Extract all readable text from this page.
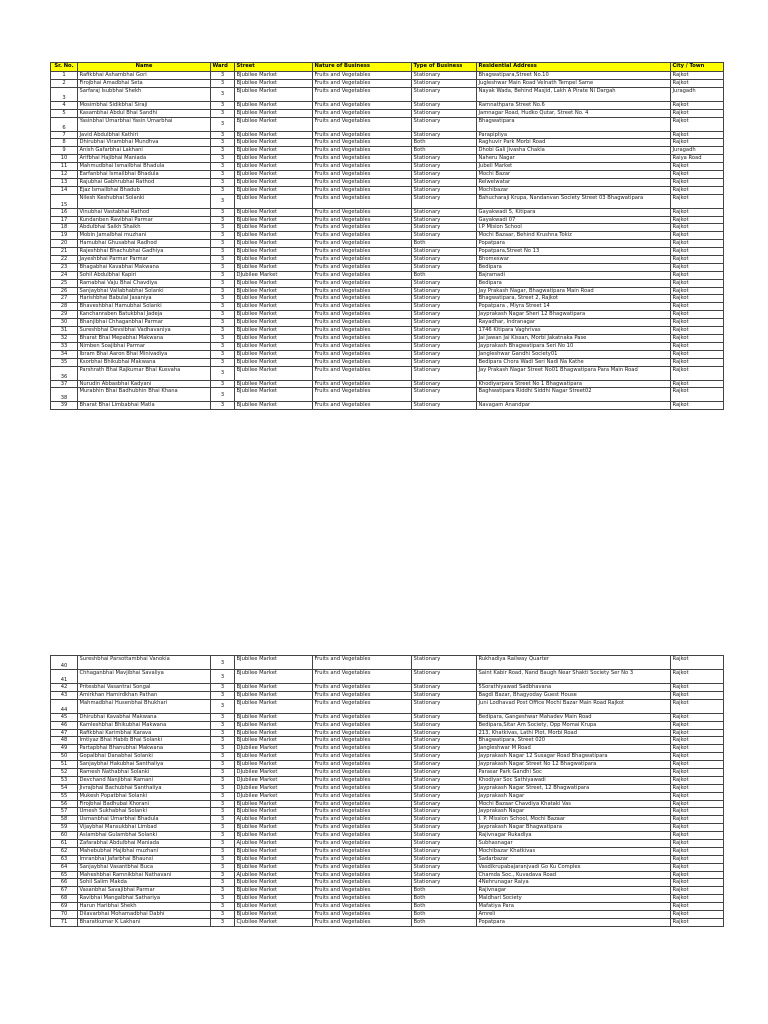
Sr. No.	Name	Ward	Street	Nature of Business	Type of Business	Residential Address	City / Town
1	Rafikbhai Ashambhai Gori	3	BJubilee Market	Fruits and Vegetables	Stationary	Bhagwatipara,Street No.10	Rajkot
2	Firojbhai Amadbhai Seta	3	BJubilee Market	Fruits and Vegetables	Stationary	Jugleshwar Main Road Velnath Tempel Same	Rajkot
3	Sarfaraj Isubbhai Shekh	3	BJubilee Market	Fruits and Vegetables	Stationary	Nayak Wada, Behind Masjid, Lakh A Pirate Ni Dargah	Juragadh
4	Mosimbhai Sidikbhai Siraji	3	BJubilee Market	Fruits and Vegetables	Stationary	Ramnathpara Street No.6	Rajkot
5	Kasambhai Abdul Bhai Sandhi	3	BJubilee Market	Fruits and Vegetables	Stationary	Jamnagar Road, Hudko Qutar, Street No. 4	Rajkot
6	Yasinbhai Umarbhai Yasin Umarbhai	3	BJubilee Market	Fruits and Vegetables	Stationary	Bhagwatipara	Rajkot
7	Javid Abdulbhai Kathiri	3	BJubilee Market	Fruits and Vegetables	Stationary	Parapipliya	Rajkot
8	Dhirubhai Virambhai Mundhva	3	BJubilee Market	Fruits and Vegetables	Both	Raghuvir Park Morbi Road	Rajkot
9	Anish Gafarbhai Lakhani	3	BJubilee Market	Fruits and Vegetables	Both	Dhobi Gali Jivasha Chakla	Juragadh
10	Arifbhai Hajibhai Maniada	3	BJubilee Market	Fruits and Vegetables	Stationary	Naheru Nagar	Raiya Road
11	Mahmudbhai Ismailbhai Bhadula	3	BJubilee Market	Fruits and Vegetables	Stationary	Jubeli Market	Rajkot
12	Earfanbhai Ismailbhai Bhadula	3	BJubilee Market	Fruits and Vegetables	Stationary	Mochi Bazar	Rajkot
13	Rajubhai Gabhrubhai Rathod	3	BJubilee Market	Fruits and Vegetables	Stationary	Relwelwatar	Rajkot
14	Ejaz Ismailbhai Bhadub	3	BJubilee Market	Fruits and Vegetables	Stationary	Mochibazar	Rajkot
15	Nilesh Keshubhai Solanki	3	BJubilee Market	Fruits and Vegetables	Stationary	Bahucharaji Krupa, Nandanvan Society Street 03 Bhagwatipara	Rajkot
16	Vinubhai Vastabhai Rathod	3	BJubilee Market	Fruits and Vegetables	Stationary	Gayakwadi 5, Kitipara	Rajkot
17	Kundanben Ravibhai Parmar	3	BJubilee Market	Fruits and Vegetables	Stationary	Gayakwadi 07	Rajkot
18	Abdulbhai Saikh Shaikh	3	BJubilee Market	Fruits and Vegetables	Stationary	I.P Mision School	Rajkot
19	Mobin Jamalbhai muzhani	3	BJubilee Market	Fruits and Vegetables	Stationary	Mochi Bazaar, Behind Krushna Tokiz	Rajkot
20	Hamubhai Ghusabhai Radhod	3	BJubilee Market	Fruits and Vegetables	Both	Popatpara	Rajkot
21	Rajeshbhai Bhachubhai Gadhiya	3	BJubilee Market	Fruits and Vegetables	Stationary	Popatpara,Street No 13	Rajkot
22	Jayeshbhai Parmar Parmar	3	BJubilee Market	Fruits and Vegetables	Stationary	Bhomeswar	Rajkot
23	Bhagabhai Kavabhai Makwana	3	BJubilee Market	Fruits and Vegetables	Stationary	Bedipara	Rajkot
24	Sohil Abdulbhai Kapiri	3	DJubilee Market	Fruits and Vegetables	Both	Bajramadi	Rajkot
25	Ramabhai Vaju Bhai Chavdiya	3	BJubilee Market	Fruits and Vegetables	Stationary	Bedipara	Rajkot
26	Sanjaybhai Vallabhabhai Solanki	3	BJubilee Market	Fruits and Vegetables	Stationary	Jay Prakash Nagar, Bhagwatipara Main Road	Rajkot
27	Harishbhai Babulal Jasaniya	3	BJubilee Market	Fruits and Vegetables	Stationary	Bhagwatipara, Street 2, Rajkot	Rajkot
28	Bhaveshbhai Hamubhai Solanki	3	BJubilee Market	Fruits and Vegetables	Stationary	Popatpara , Miyra Street 14	Rajkot
29	Kanchanraben Batukbhai Jadeja	3	BJubilee Market	Fruits and Vegetables	Stationary	Jayprakash Nagar Sheri 12 Bhagwatipara	Rajkot
30	Bhanjibhai Chhaganbhai Parmar	3	BJubilee Market	Fruits and Vegetables	Stationary	Rayadhar, Indranagar	Rajkot
31	Sureshbhai Devsibhai Vadhavaniya	3	BJubilee Market	Fruits and Vegetables	Stationary	1746 Kitipara Vaghrivas	Rajkot
32	Bharat Bhai Mepabhai Makwana	3	BJubilee Market	Fruits and Vegetables	Stationary	Jai Jawan Jai Kissan, Morbi Jakatnaka Pase	Rajkot
33	Nimben Soajibhai Parmar	3	BJubilee Market	Fruits and Vegetables	Stationary	Jayprakash Bhagwatipara Seri No 10	Rajkot
34	Ibram Bhai Aaron Bhai Minivadiya	3	BJubilee Market	Fruits and Vegetables	Stationary	Jangleshwar Gandhi Society01	Rajkot
35	Ksorbhai Bhikubhai Makwana	3	BJubilee Market	Fruits and Vegetables	Stationary	Bedipara Chora Wadi Seri Nadi Na Kathe	Rajkot
36	Parshrath Bhai Rajkumar Bhai Kusvaha	3	BJubilee Market	Fruits and Vegetables	Stationary	Jay Prakash Nagar Street No01 Bhagwatipara Para Main Road	Rajkot
37	Nurudin Abbasbhai Kadyani	3	BJubilee Market	Fruits and Vegetables	Stationary	Khodiyarpara Street No 1 Bhagwatipara	Rajkot
38	Murabhin Bhai Badhubhin Bhai Khana	3	BJubilee Market	Fruits and Vegetables	Stationary	Baghwatipara Riddhi Siddhi Nagar Street02	Rajkot
39	Bharat Bhai Limbabhai Matla	3	BJubilee Market	Fruits and Vegetables	Stationary	Navagam Anandpar	Rajkot
40	Sureshbhai Parsottambhai Vanokia	3	BJubilee Market	Fruits and Vegetables	Stationary	Rukhadiya Railway Quarter	Rajkot
41	Chhaganbhai Mavjibhai Savaliya	3	BJubilee Market	Fruits and Vegetables	Stationary	Saint Kabir Road, Nand Baugh Near Shakti Society Ser No 3	Rajkot
42	Pritesbhai Vasantrai Songal	3	BJubilee Market	Fruits and Vegetables	Stationary	5Sorathiyawad Sadbhavana	Rajkot
43	Amirkhan Hamirdkhan Pathan	3	BJubilee Market	Fruits and Vegetables	Stationary	Bagdi Bazar, Bhagyoday Guest House	Rajkot
44	Mahmadbhai Husenbhai Bhukhari	3	BJubilee Market	Fruits and Vegetables	Stationary	Juni Lodhavad Post Office Mochi Bazar Main Road Rajkot	Rajkot
45	Dhirubhai Kavabhai Makwana	3	BJubilee Market	Fruits and Vegetables	Stationary	Bedipara, Gangeshwar Mahadev Main Road	Rajkot
46	Kamleshbhai Bhikubhai Makwana	3	BJubilee Market	Fruits and Vegetables	Stationary	Bedipara,Sitar Am Society, Opp Momai Krupa	Rajkot
47	Rafikbhai Karimbhai Karava	3	BJubilee Market	Fruits and Vegetables	Stationary	213, Khatkivas, Lathi Plot, Morbi Road	Rajkot
48	Imtiyaz Bhai Habib Bhai Solanki	3	BJubilee Market	Fruits and Vegetables	Stationary	Bhagwatipara, Street 020	Rajkot
49	Partapbhai Bhanubhai Makwana	3	DJubilee Market	Fruits and Vegetables	Stationary	Jangleshwar M Road	Rajkot
50	Gopalbhai Danabhai Solanki	3	BJubilee Market	Fruits and Vegetables	Stationary	Jayprakash Nagar 12 Susagar Road Bhagwatipara	Rajkot
51	Sanjaybhai Hakubhai Santhaliya	3	BJubilee Market	Fruits and Vegetables	Stationary	Jayprakash Nagar Street No 12 Bhagwatipara	Rajkot
52	Ramesh Nathabhai Solanki	3	DJubilee Market	Fruits and Vegetables	Stationary	Parasar Park Gandhi Soc	Rajkot
53	Devchand Nanjibhai Ramani	3	DJubilee Market	Fruits and Vegetables	Stationary	Khodiyar Soc Sathiyawadi	Rajkot
54	Jivrajbhai Bachubhai Santhaliya	3	DJubilee Market	Fruits and Vegetables	Stationary	Jayprakash Nagar Street, 12 Bhagwatipara	Rajkot
55	Mukesh Popatbhai Solanki	3	DJubilee Market	Fruits and Vegetables	Stationary	Jayprakash Nagar	Rajkot
56	Firojbhai Badhubai Khorani	3	BJubilee Market	Fruits and Vegetables	Stationary	Mochi Bazaar Chavdiya Khataki Vas	Rajkot
57	Umesh Sukhabhai Solanki	3	BJubilee Market	Fruits and Vegetables	Stationary	Jayprakash Nagar	Rajkot
58	Usmanbhai Umarbhai Bhadula	3	AJubilee Market	Fruits and Vegetables	Stationary	I. P. Mission School, Mochi Bazaar	Rajkot
59	Vijaybhai Mansukbhai Limbad	3	BJubilee Market	Fruits and Vegetables	Stationary	Jayprakash Nagar Bhagwatipara	Rajkot
60	Aslambhai Gulambhai Solanki	3	BJubilee Market	Fruits and Vegetables	Stationary	Rajivnagar Rukadiya	Rajkot
61	Zafarabhai Abdulbhai Maniada	3	AJubilee Market	Fruits and Vegetables	Stationary	Subhasnagar	Rajkot
62	Mahebubhai Hajibhai muzhani	3	BJubilee Market	Fruits and Vegetables	Stationary	Mochibazar Khatkivas	Rajkot
63	Imranbhai Jafarbhai Bhaunsi	3	BJubilee Market	Fruits and Vegetables	Stationary	Sadarbazar	Rajkot
64	Sanjaybhai Vasantbhai Buca	3	BJubilee Market	Fruits and Vegetables	Stationary	Vasdikrupabajaranjvadi Go Ku Complex	Rajkot
65	Maheshbhai Ramnikbhai Nathavani	3	AJubilee Market	Fruits and Vegetables	Stationary	Chamda Soc., Kuvadava Road	Rajkot
66	Sohil Salim Makda	3	BJubilee Market	Fruits and Vegetables	Stationary	4Nehrunagar Raiya	Rajkot
67	Vasanbhai Savajibhai Parmar	3	BJubilee Market	Fruits and Vegetables	Both	Rajivnagar	Rajkot
68	Ravibhai Mangalbhai Sathariya	3	BJubilee Market	Fruits and Vegetables	Both	Maldhari Society	Rajkot
69	Harun Haribhai Shekh	3	BJubilee Market	Fruits and Vegetables	Both	Mafatiya Para	Rajkot
70	Dilavarbhai Mohamadbhai Dabhi	3	BJubilee Market	Fruits and Vegetables	Both	Amreli	Rajkot
71	Bharatkumar K Lakhani	3	CJubilee Market	Fruits and Vegetables	Both	Popatpara	Rajkot
